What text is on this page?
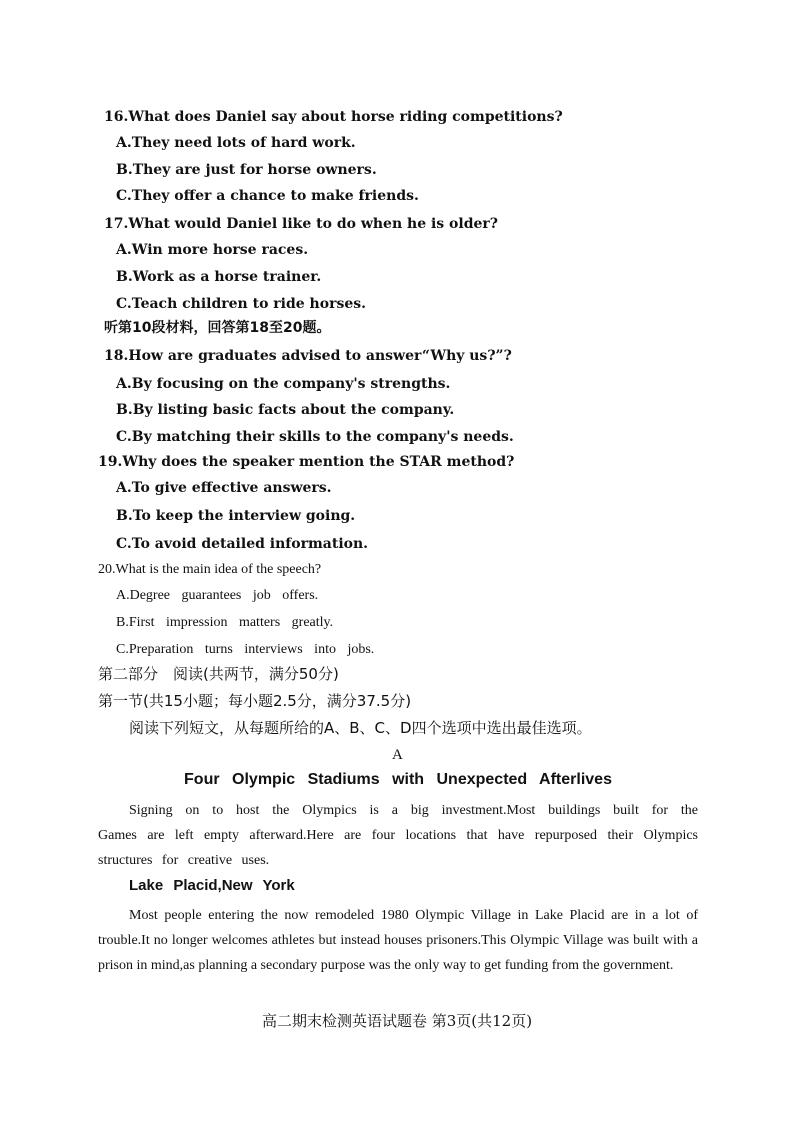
16.What does Daniel say about horse riding competitions?
A.They need lots of hard work.
B.They are just for horse owners.
C.They offer a chance to make friends.
17.What would Daniel like to do when he is older?
A.Win more horse races.
B.Work as a horse trainer.
C.Teach children to ride horses.
听第10段材料，回答第18至20题。
18.How are graduates advised to answer“Why us?”?
A.By focusing on the company's strengths.
B.By listing basic facts about the company.
C.By matching their skills to the company's needs.
19.Why does the speaker mention the STAR method?
A.To give effective answers.
B.To keep the interview going.
C.To avoid detailed information.
20.What is the main idea of the speech?
A.Degree guarantees job offers.
B.First impression matters greatly.
C.Preparation turns interviews into jobs.
第二部分　阅读(共两节，满分50分)
第一节(共15小题；每小题2.5分，满分37.5分)
阅读下列短文，从每题所给的A、B、C、D四个选项中选出最佳选项。
A
Four Olympic Stadiums with Unexpected Afterlives
Signing on to host the Olympics is a big investment.Most buildings built for the Games are left empty afterward.Here are four locations that have repurposed their Olympics structures for creative uses.
Lake Placid,New York
Most people entering the now remodeled 1980 Olympic Village in Lake Placid are in a lot of trouble.It no longer welcomes athletes but instead houses prisoners.This Olympic Village was built with a prison in mind,as planning a secondary purpose was the only way to get funding from the government.
高二期末检测英语试题卷 第3页(共12页)
